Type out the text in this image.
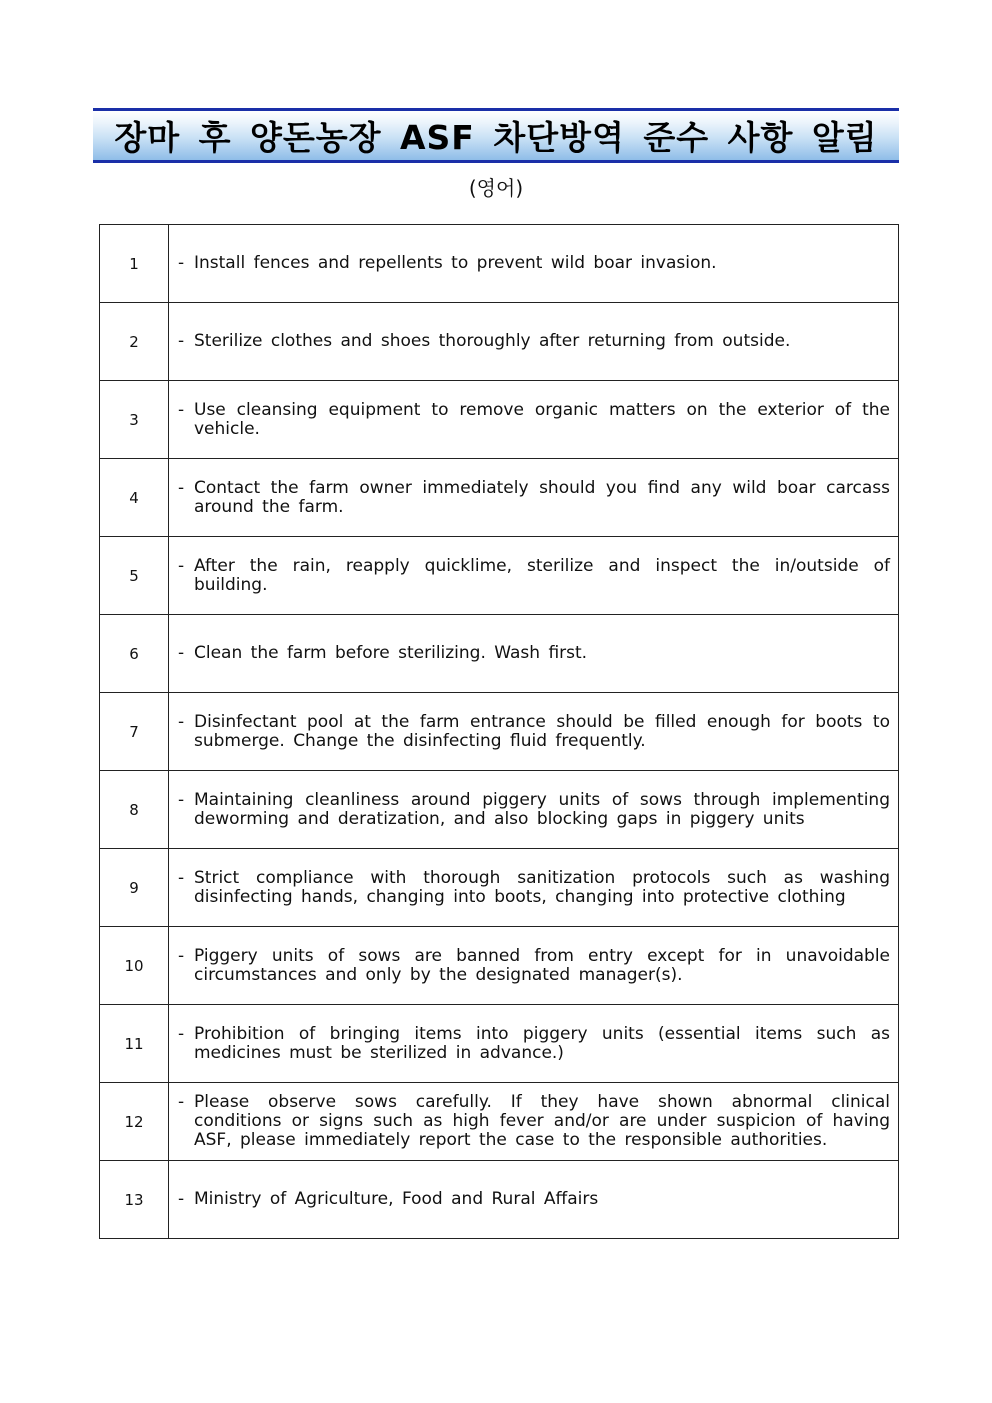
장마 후 양돈농장 ASF 차단방역 준수 사항 알림
(영어)
1	- Install fences and repellents to prevent wild boar invasion.

2	- Sterilize clothes and shoes thoroughly after returning from outside.

3	- Use cleansing equipment to remove organic matters on the exterior of the vehicle.

4	- Contact the farm owner immediately should you find any wild boar carcass around the farm.

5	- After the rain, reapply quicklime, sterilize and inspect the in/outside of building.

6	- Clean the farm before sterilizing. Wash first.

7	- Disinfectant pool at the farm entrance should be filled enough for boots to submerge. Change the disinfecting fluid frequently.

8	- Maintaining cleanliness around piggery units of sows through implementing deworming and deratization, and also blocking gaps in piggery units

9	- Strict compliance with thorough sanitization protocols such as washing disinfecting hands, changing into boots, changing into protective clothing

10	- Piggery units of sows are banned from entry except for in unavoidable circumstances and only by the designated manager(s).

11	- Prohibition of bringing items into piggery units (essential items such as medicines must be sterilized in advance.)

12	- Please observe sows carefully. If they have shown abnormal clinical conditions or signs such as high fever and/or are under suspicion of having ASF, please immediately report the case to the responsible authorities.

13	- Ministry of Agriculture, Food and Rural Affairs
